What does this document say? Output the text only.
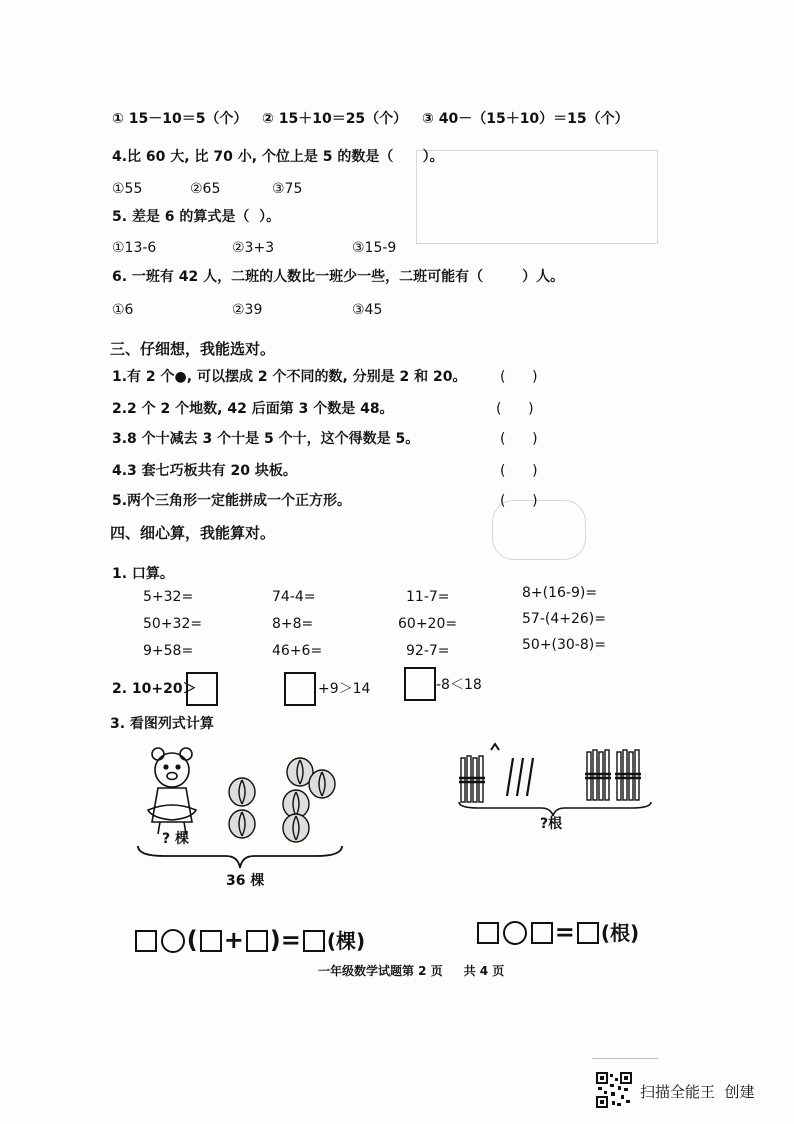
① 15－10＝5（个） ② 15＋10＝25（个） ③ 40－（15＋10）＝15（个）
4.比 60 大, 比 70 小, 个位上是 5 的数是（      ）。
①55	②65	③75
5. 差是 6 的算式是（  ）。
①13-6	②3+3	③15-9
6. 一班有 42 人，二班的人数比一班少一些，二班可能有（        ）人。
①6	②39	③45
三、仔细想，我能选对。
1.有 2 个●, 可以摆成 2 个不同的数, 分别是 2 和 20。 (      )
2.2 个 2 个地数, 42 后面第 3 个数是 48。	(      )
3.8 个十减去 3 个十是 5 个十，这个得数是 5。	(      )
4.3 套七巧板共有 20 块板。	(      )
5.两个三角形一定能拼成一个正方形。	(      )
四、细心算，我能算对。
1. 口算。
5+32=	74-4=	11-7=	8+(16-9)=
50+32=	8+8=	60+20=	57-(4+26)=
9+58=	46+6=	92-7=	50+(30-8)=
2. 10+20＞	+9＞14	-8＜18
3. 看图列式计算
? 棵
36 棵
?根

( + )= (棵)	= (根)

一年级数学试题第 2 页     共 4 页
扫描全能王  创建
